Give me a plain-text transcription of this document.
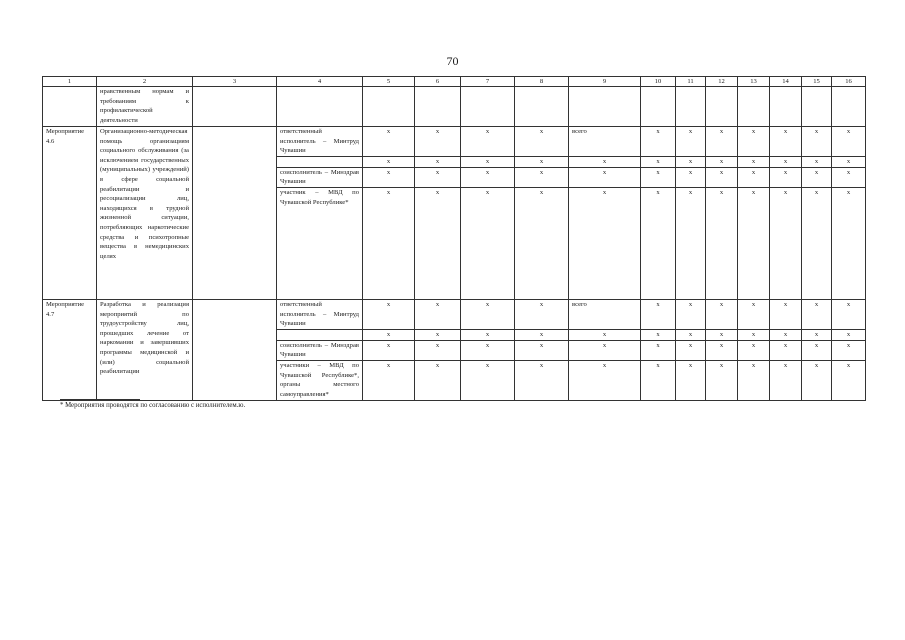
70
1	2	3	4	5	6	7	8	9	10	11	12	13	14	15	16
	нравственным нормам и требованиям к профилактической деятельности														
Мероприятие 4.6	Организационно-методическая помощь организациям социального обслуживания (за исключением государственных (муниципальных) учреждений) в сфере социальной реабилитации и ресоциализации лиц, находящихся в трудной жизненной ситуации, потребляющих наркотические средства и психотропные вещества в немедицинских целях		ответственный исполнитель – Минтруд Чувашии	x	x	x	x	всего	x	x	x	x	x	x	x
				x	x	x	x	x	x	x	x	x	x	x	x
			соисполнитель – Минздрав Чувашии	x	x	x	x	x	x	x	x	x	x	x	x
			участник – МВД по Чувашской Республике*	x	x	x	x	x	x	x	x	x	x	x	x
Мероприятие 4.7	Разработка и реализация мероприятий по трудоустройству лиц, прошедших лечение от наркомании и завершивших программы медицинской и (или) социальной реабилитации		ответственный исполнитель – Минтруд Чувашии	x	x	x	x	всего	x	x	x	x	x	x	x
				x	x	x	x	x	x	x	x	x	x	x	x
			соисполнитель – Минздрав Чувашии	x	x	x	x	x	x	x	x	x	x	x	x
			участники – МВД по Чувашской Республике*, органы местного самоуправления*	x	x	x	x	x	x	x	x	x	x	x	x
* Мероприятия проводятся по согласованию с исполнителем.ю.
